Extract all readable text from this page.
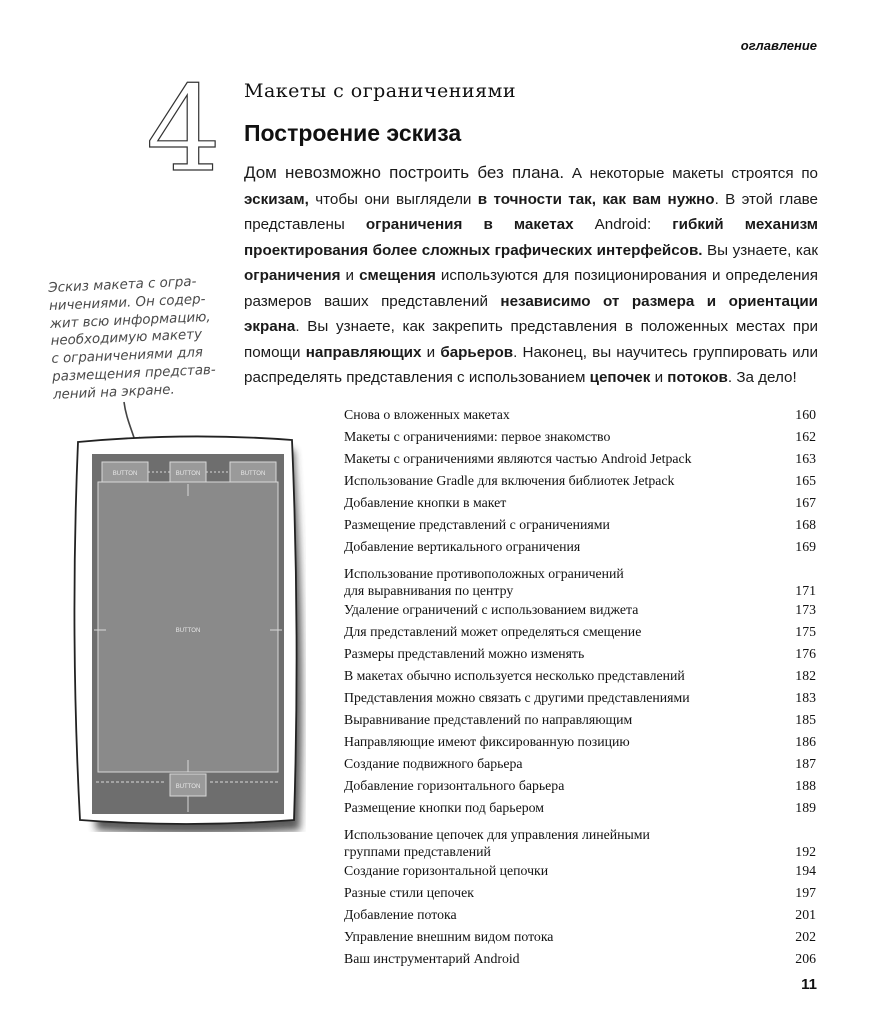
оглавление
4 Макеты с ограничениями
Построение эскиза
Дом невозможно построить без плана. А некоторые макеты строятся по эскизам, чтобы они выглядели в точности так, как вам нужно. В этой главе представлены ограничения в макетах Android: гибкий механизм проектирования более сложных графических интерфейсов. Вы узнаете, как ограничения и смещения используются для позиционирования и определения размеров ваших представлений независимо от размера и ориентации экрана. Вы узнаете, как закрепить представления в положенных местах при помощи направляющих и барьеров. Наконец, вы научитесь группировать или распределять представления с использованием цепочек и потоков. За дело!
Эскиз макета с огра-
ничениями. Он содер-
жит всю информацию,
необходимую макету
с ограничениями для
размещения представ-
лений на экране.
BUTTON	BUTTON	BUTTON
BUTTON
BUTTON
Снова о вложенных макетах	160
Макеты с ограничениями: первое знакомство	162
Макеты с ограничениями являются частью Android Jetpack	163
Использование Gradle для включения библиотек Jetpack	165
Добавление кнопки в макет	167
Размещение представлений с ограничениями	168
Добавление вертикального ограничения	169
Использование противоположных ограничений
для выравнивания по центру	171
Удаление ограничений с использованием виджета	173
Для представлений может определяться смещение	175
Размеры представлений можно изменять	176
В макетах обычно используется несколько представлений	182
Представления можно связать с другими представлениями	183
Выравнивание представлений по направляющим	185
Направляющие имеют фиксированную позицию	186
Создание подвижного барьера	187
Добавление горизонтального барьера	188
Размещение кнопки под барьером	189
Использование цепочек для управления линейными
группами представлений	192
Создание горизонтальной цепочки	194
Разные стили цепочек	197
Добавление потока	201
Управление внешним видом потока	202
Ваш инструментарий Android	206
11
